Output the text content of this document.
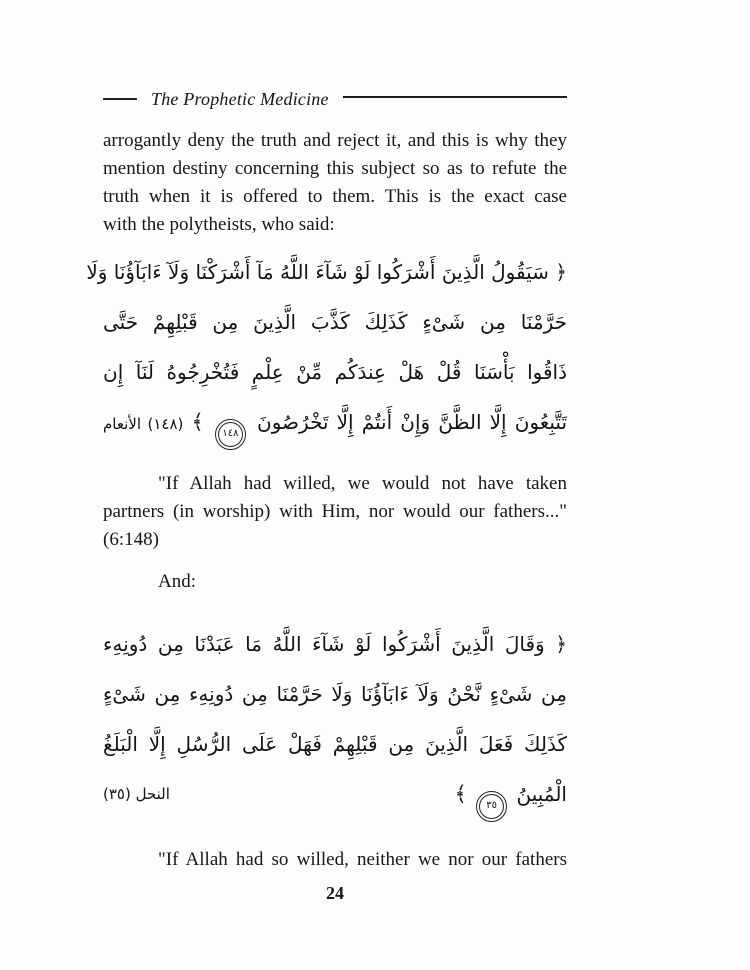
The Prophetic Medicine
arrogantly deny the truth and reject it, and this is why they
mention destiny concerning this subject so as to refute the
truth when it is offered to them. This is the exact case
with the polytheists, who said:
﴿ سَيَقُولُ الَّذِينَ أَشْرَكُوا لَوْ شَآءَ اللَّهُ مَآ أَشْرَكْنَا وَلَآ ءَابَآؤُنَا وَلَا
حَرَّمْنَا مِن شَىْءٍ كَذَلِكَ كَذَّبَ الَّذِينَ مِن قَبْلِهِمْ حَتَّى
ذَاقُوا بَأْسَنَا قُلْ هَلْ عِندَكُم مِّنْ عِلْمٍ فَتُخْرِجُوهُ لَنَآ إِن
تَتَّبِعُونَ إِلَّا الظَّنَّ وَإِنْ أَنتُمْ إِلَّا تَخْرُصُونَ
١٤٨
﴾ (١٤٨) الأنعام
"If Allah had willed, we would not have taken
partners (in worship) with Him, nor would our fathers..."
(6:148)
And:
﴿ وَقَالَ الَّذِينَ أَشْرَكُوا لَوْ شَآءَ اللَّهُ مَا عَبَدْنَا مِن دُونِهِء
مِن شَىْءٍ نَّحْنُ وَلَآ ءَابَآؤُنَا وَلَا حَرَّمْنَا مِن دُونِهِء مِن شَىْءٍ
كَذَلِكَ فَعَلَ الَّذِينَ مِن قَبْلِهِمْ فَهَلْ عَلَى الرُّسُلِ إِلَّا الْبَلَغُ
الْمُبِينُ
٣٥
﴾
النحل (٣٥)
"If Allah had so willed, neither we nor our fathers
24
